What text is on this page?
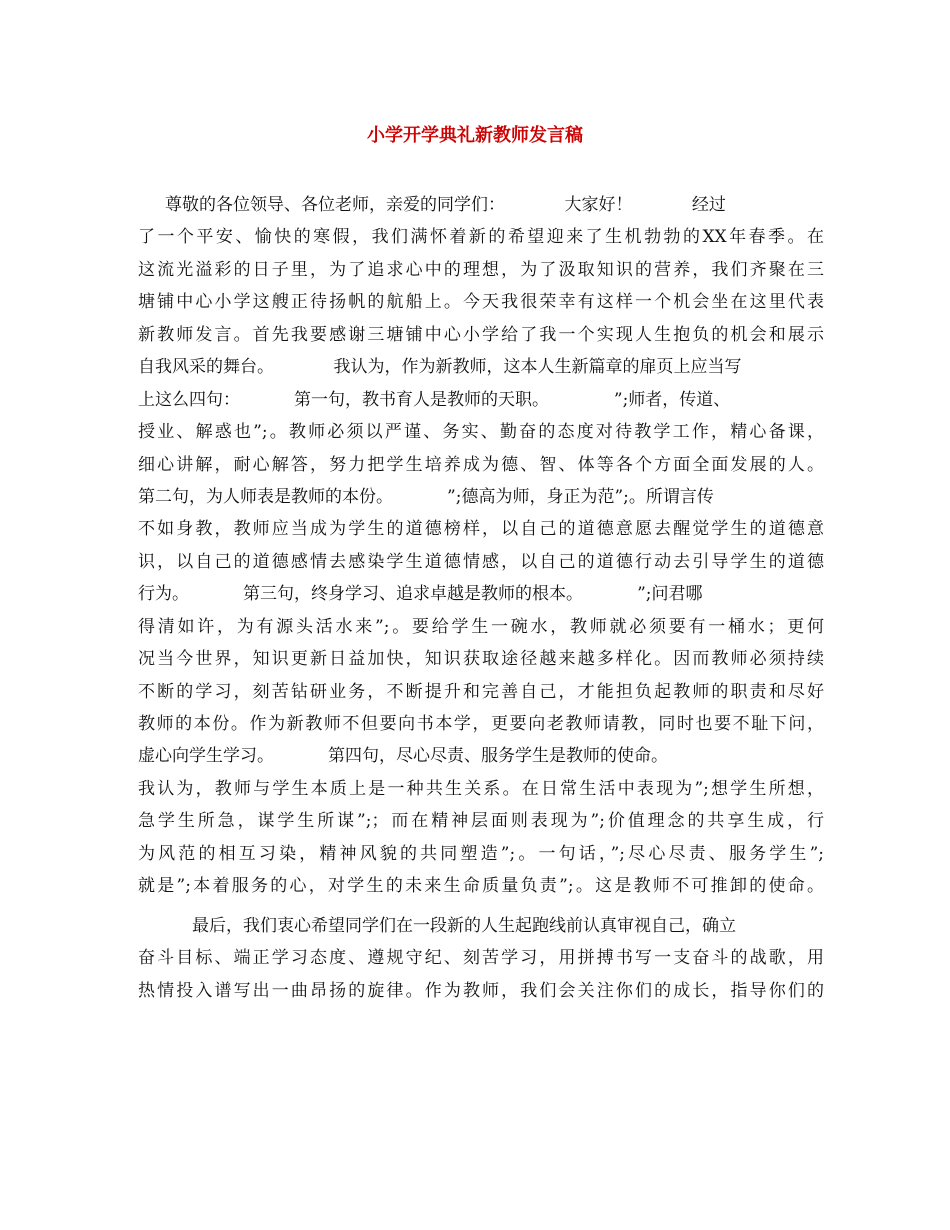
小学开学典礼新教师发言稿
尊敬的各位领导、各位老师，亲爱的同学们：           大家好！           经过
了一个平安、愉快的寒假，我们满怀着新的希望迎来了生机勃勃的XX年春季。在
这流光溢彩的日子里，为了追求心中的理想，为了汲取知识的营养，我们齐聚在三
塘铺中心小学这艘正待扬帆的航船上。今天我很荣幸有这样一个机会坐在这里代表
新教师发言。首先我要感谢三塘铺中心小学给了我一个实现人生抱负的机会和展示
自我风采的舞台。           我认为，作为新教师，这本人生新篇章的扉页上应当写
上这么四句：          第一句，教书育人是教师的天职。            ”;师者，传道、
授业、解惑也”;。教师必须以严谨、务实、勤奋的态度对待教学工作，精心备课，
细心讲解，耐心解答，努力把学生培养成为德、智、体等各个方面全面发展的人。
第二句，为人师表是教师的本份。          ”;德高为师，身正为范”;。所谓言传
不如身教，教师应当成为学生的道德榜样，以自己的道德意愿去醒觉学生的道德意
识，以自己的道德感情去感染学生道德情感，以自己的道德行动去引导学生的道德
行为。          第三句，终身学习、追求卓越是教师的根本。          ”;问君哪
得清如许，为有源头活水来”;。要给学生一碗水，教师就必须要有一桶水；更何
况当今世界，知识更新日益加快，知识获取途径越来越多样化。因而教师必须持续
不断的学习，刻苦钻研业务，不断提升和完善自己，才能担负起教师的职责和尽好
教师的本份。作为新教师不但要向书本学，更要向老教师请教，同时也要不耻下问，
虚心向学生学习。          第四句，尽心尽责、服务学生是教师的使命。
我认为，教师与学生本质上是一种共生关系。在日常生活中表现为”;想学生所想，
急学生所急，谋学生所谋”;；而在精神层面则表现为”;价值理念的共享生成，行
为风范的相互习染，精神风貌的共同塑造”;。一句话，”;尽心尽责、服务学生”;
就是”;本着服务的心，对学生的未来生命质量负责”;。这是教师不可推卸的使命。
最后，我们衷心希望同学们在一段新的人生起跑线前认真审视自己，确立
奋斗目标、端正学习态度、遵规守纪、刻苦学习，用拼搏书写一支奋斗的战歌，用
热情投入谱写出一曲昂扬的旋律。作为教师，我们会关注你们的成长，指导你们的
